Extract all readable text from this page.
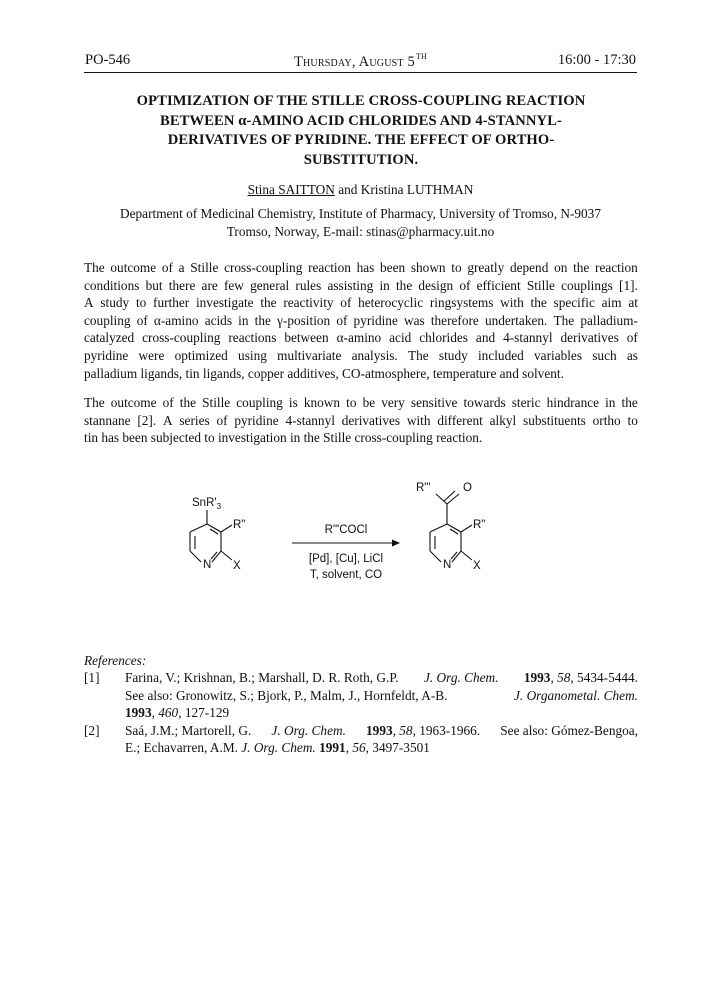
PO-546	Thursday, August 5TH	16:00 - 17:30
OPTIMIZATION OF THE STILLE CROSS-COUPLING REACTION
BETWEEN α-AMINO ACID CHLORIDES AND 4-STANNYL-
DERIVATIVES OF PYRIDINE. THE EFFECT OF ORTHO-
SUBSTITUTION.
Stina SAITTON and Kristina LUTHMAN
Department of Medicinal Chemistry, Institute of Pharmacy, University of Tromso, N-9037
Tromso, Norway, E-mail: stinas@pharmacy.uit.no
The outcome of a Stille cross-coupling reaction has been shown to greatly depend on the reaction
conditions but there are few general rules assisting in the design of efficient Stille couplings [1].
A study to further investigate the reactivity of heterocyclic ringsystems with the specific aim at
coupling of α-amino acids in the γ-position of pyridine was therefore undertaken. The palladium-
catalyzed cross-coupling reactions between α-amino acid chlorides and 4-stannyl derivatives of
pyridine were optimized using multivariate analysis. The study included variables such as
palladium ligands, tin ligands, copper additives, CO-atmosphere, temperature and solvent.
The outcome of the Stille coupling is known to be very sensitive towards steric hindrance in the
stannane [2]. A series of pyridine 4-stannyl derivatives with different alkyl substituents ortho to
tin has been subjected to investigation in the Stille cross-coupling reaction.
$SnR'_3$
R"
N X
R"'COCl
[Pd], [Cu], LiCl
T, solvent, CO
R"'	O
R"
N X
References:
[1] Farina, V.; Krishnan, B.; Marshall, D. R. Roth, G.P. J. Org. Chem. 1993, 58, 5434-5444.
See also: Gronowitz, S.; Bjork, P., Malm, J., Hornfeldt, A-B.	J. Organometal. Chem.
1993, 460, 127-129
[2] Saá, J.M.; Martorell, G. J. Org. Chem. 1993, 58, 1963-1966. See also: Gómez-Bengoa,
E.; Echavarren, A.M. J. Org. Chem. 1991, 56, 3497-3501
